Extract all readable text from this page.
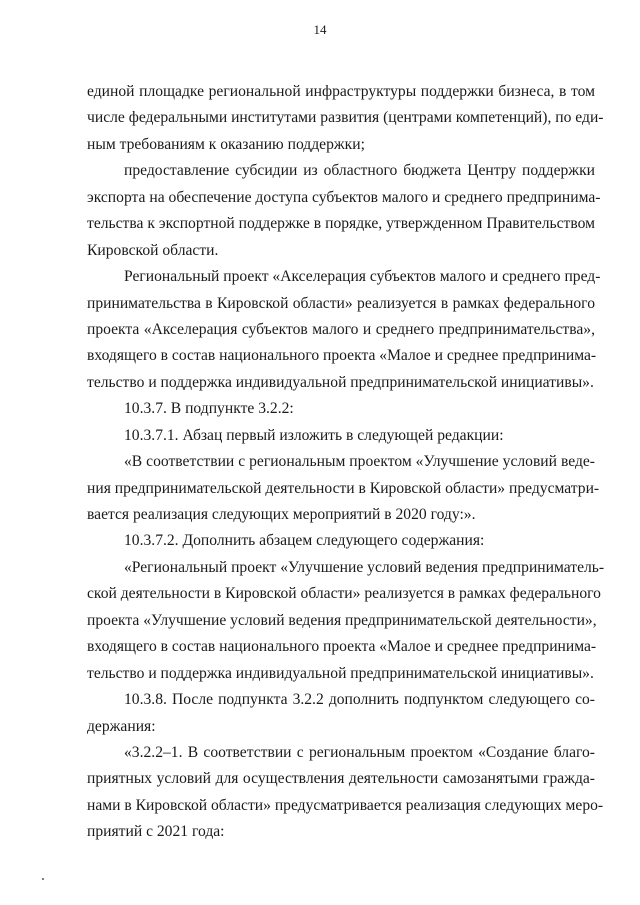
14
единой площадке региональной инфраструктуры поддержки бизнеса, в том
числе федеральными институтами развития (центрами компетенций), по еди-
ным требованиям к оказанию поддержки;
предоставление субсидии из областного бюджета Центру поддержки
экспорта на обеспечение доступа субъектов малого и среднего предпринима-
тельства к экспортной поддержке в порядке, утвержденном Правительством
Кировской области.
Региональный проект «Акселерация субъектов малого и среднего пред-
принимательства в Кировской области» реализуется в рамках федерального
проекта «Акселерация субъектов малого и среднего предпринимательства»,
входящего в состав национального проекта «Малое и среднее предпринима-
тельство и поддержка индивидуальной предпринимательской инициативы».
10.3.7. В подпункте 3.2.2:
10.3.7.1. Абзац первый изложить в следующей редакции:
«В соответствии с региональным проектом «Улучшение условий веде-
ния предпринимательской деятельности в Кировской области» предусматри-
вается реализация следующих мероприятий в 2020 году:».
10.3.7.2. Дополнить абзацем следующего содержания:
«Региональный проект «Улучшение условий ведения предприниматель-
ской деятельности в Кировской области» реализуется в рамках федерального
проекта «Улучшение условий ведения предпринимательской деятельности»,
входящего в состав национального проекта «Малое и среднее предпринима-
тельство и поддержка индивидуальной предпринимательской инициативы».
10.3.8. После подпункта 3.2.2 дополнить подпунктом следующего со-
держания:
«3.2.2–1. В соответствии с региональным проектом «Создание благо-
приятных условий для осуществления деятельности самозанятыми гражда-
нами в Кировской области» предусматривается реализация следующих меро-
приятий с 2021 года:
